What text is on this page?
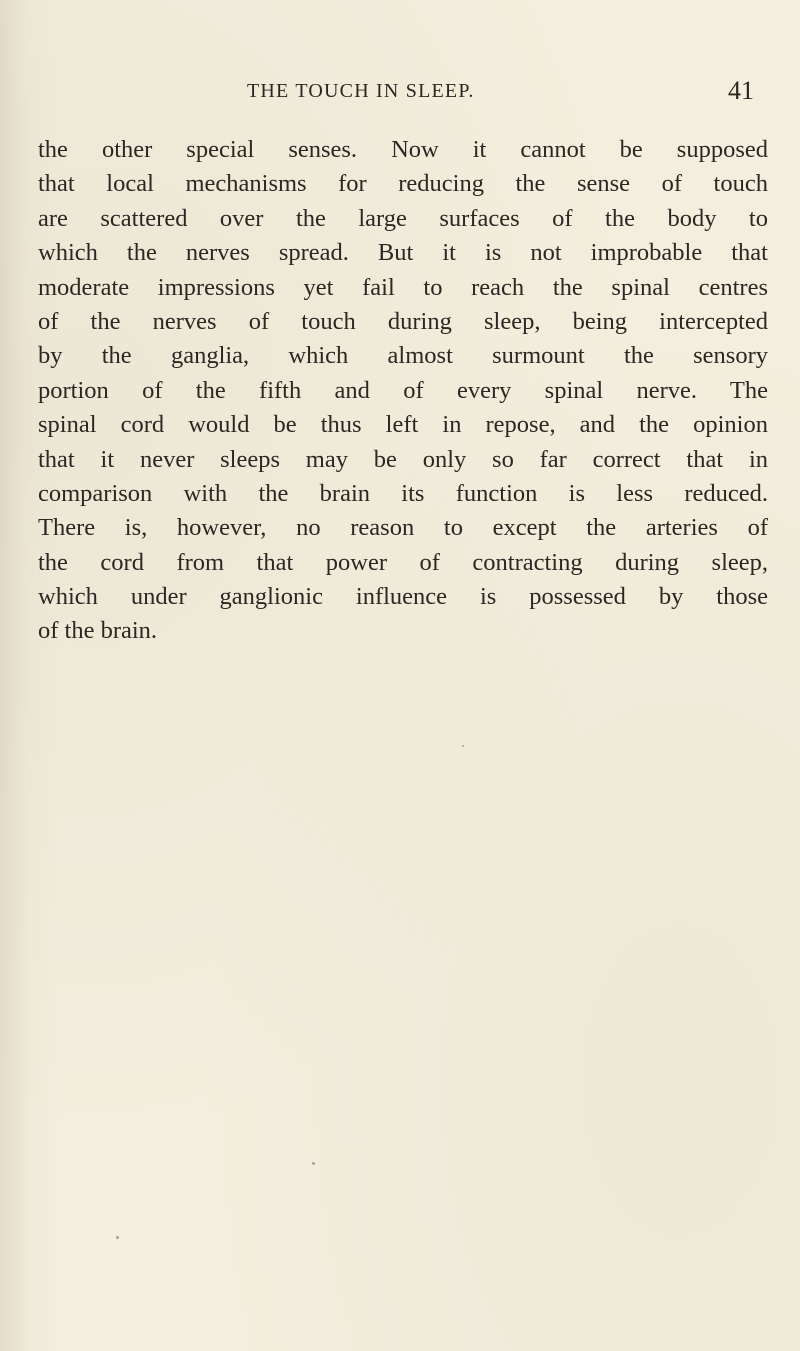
THE TOUCH IN SLEEP.	41
the other special senses. Now it cannot be supposed
that local mechanisms for reducing the sense of touch
are scattered over the large surfaces of the body to
which the nerves spread. But it is not improbable that
moderate impressions yet fail to reach the spinal centres
of the nerves of touch during sleep, being intercepted
by the ganglia, which almost surmount the sensory
portion of the fifth and of every spinal nerve. The
spinal cord would be thus left in repose, and the opinion
that it never sleeps may be only so far correct that in
comparison with the brain its function is less reduced.
There is, however, no reason to except the arteries of
the cord from that power of contracting during sleep,
which under ganglionic influence is possessed by those
of the brain.
